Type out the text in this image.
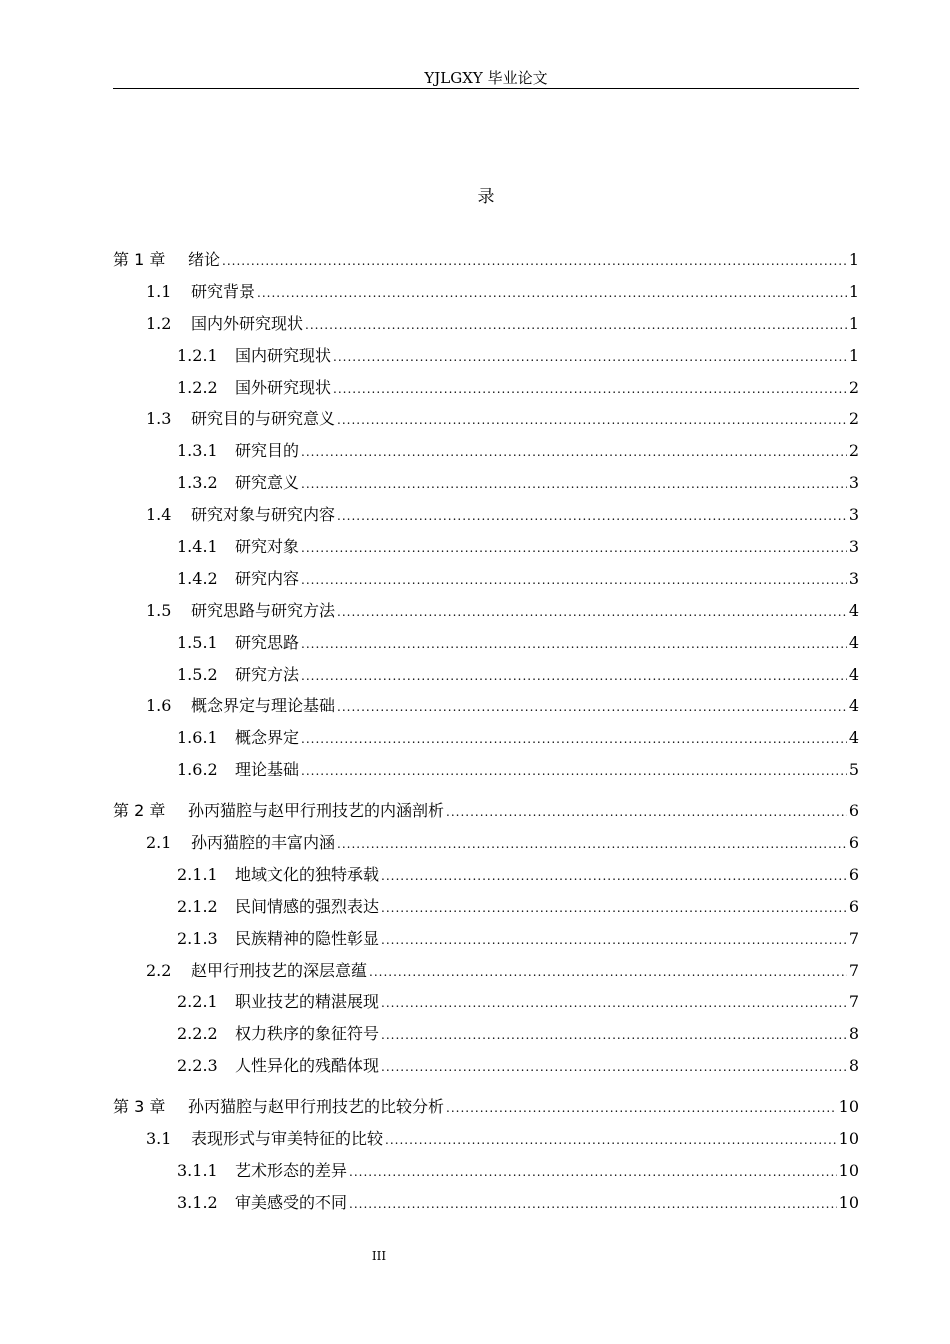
YJLGXY 毕业论文
录
第 1 章	绪论 .....	1
1.1	研究背景 .....	1
1.2	国内外研究现状 .....	1
1.2.1	国内研究现状 .....	1
1.2.2	国外研究现状 .....	2
1.3	研究目的与研究意义 .....	2
1.3.1	研究目的 .....	2
1.3.2	研究意义 .....	3
1.4	研究对象与研究内容 .....	3
1.4.1	研究对象 .....	3
1.4.2	研究内容 .....	3
1.5	研究思路与研究方法 .....	4
1.5.1	研究思路 .....	4
1.5.2	研究方法 .....	4
1.6	概念界定与理论基础 .....	4
1.6.1	概念界定 .....	4
1.6.2	理论基础 .....	5
第 2 章	孙丙猫腔与赵甲行刑技艺的内涵剖析 .....	6
2.1	孙丙猫腔的丰富内涵 .....	6
2.1.1	地域文化的独特承载 .....	6
2.1.2	民间情感的强烈表达 .....	6
2.1.3	民族精神的隐性彰显 .....	7
2.2	赵甲行刑技艺的深层意蕴 .....	7
2.2.1	职业技艺的精湛展现 .....	7
2.2.2	权力秩序的象征符号 .....	8
2.2.3	人性异化的残酷体现 .....	8
第 3 章	孙丙猫腔与赵甲行刑技艺的比较分析 .....	10
3.1	表现形式与审美特征的比较 .....	10
3.1.1	艺术形态的差异 .....	10
3.1.2	审美感受的不同 .....	10
III
